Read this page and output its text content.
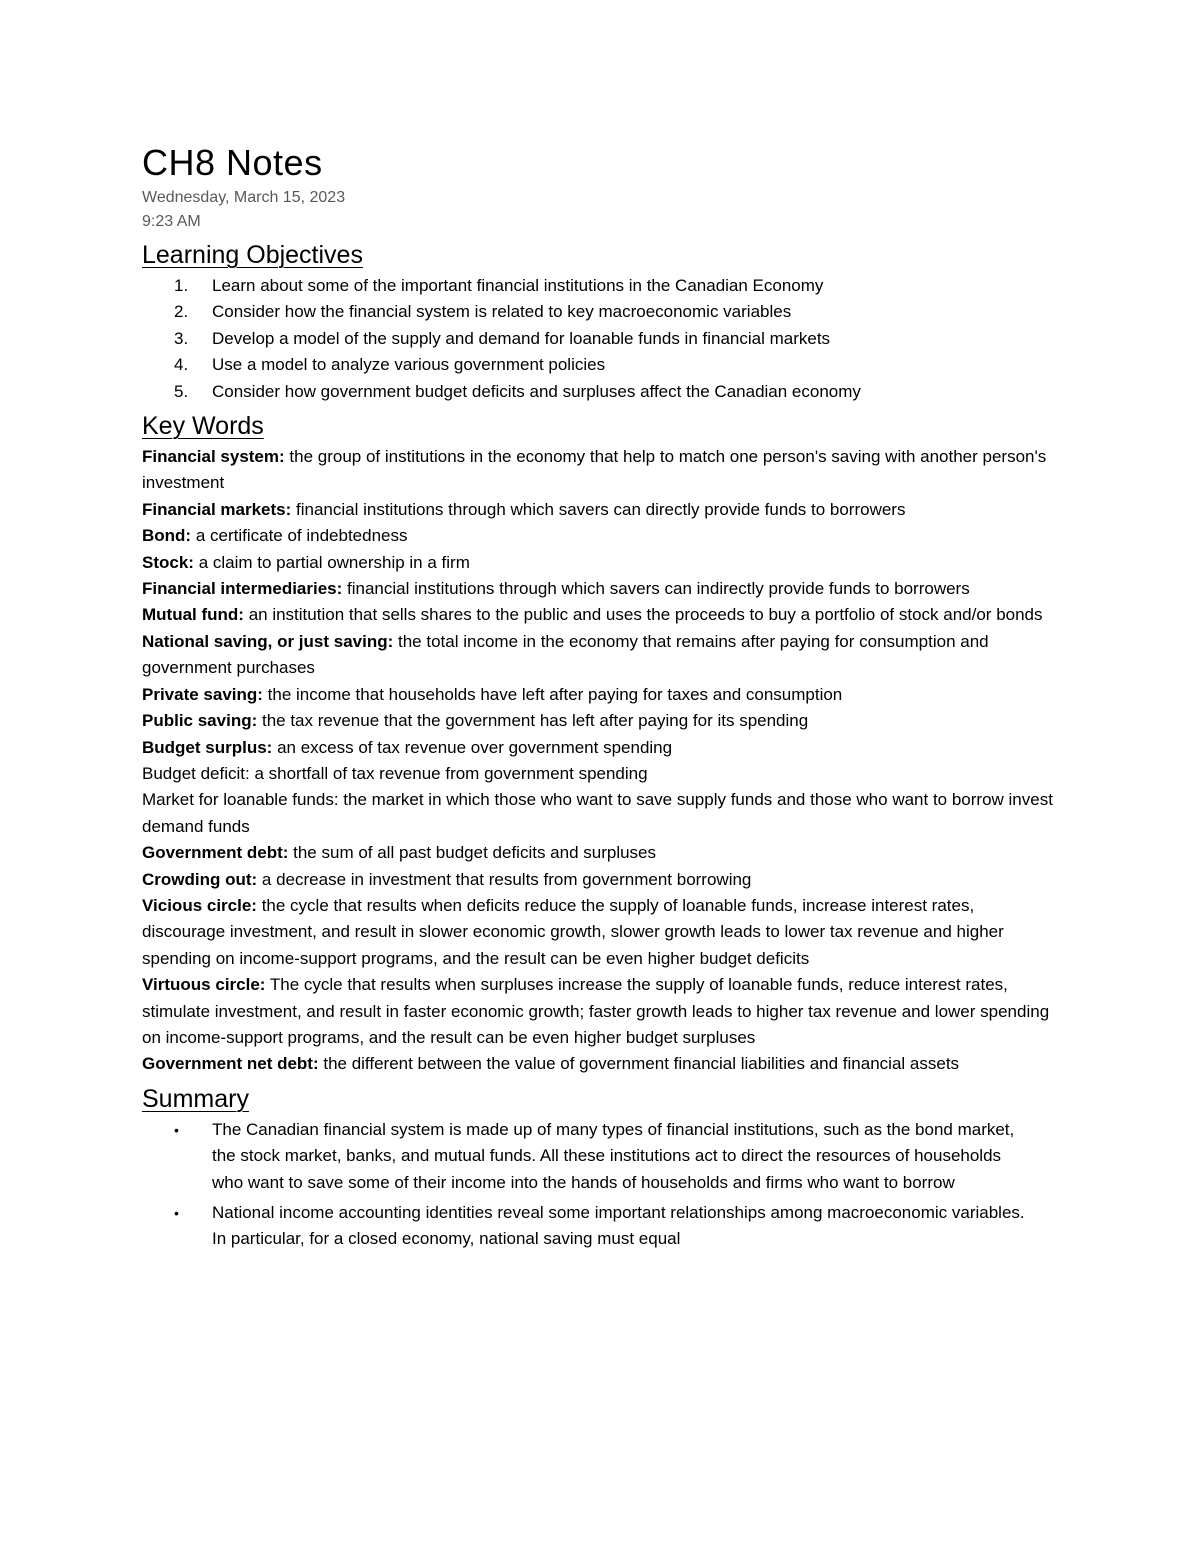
CH8 Notes
Wednesday, March 15, 2023
9:23 AM
Learning Objectives
1. Learn about some of the important financial institutions in the Canadian Economy
2. Consider how the financial system is related to key macroeconomic variables
3. Develop a model of the supply and demand for loanable funds in financial markets
4. Use a model to analyze various government policies
5. Consider how government budget deficits and surpluses affect the Canadian economy
Key Words
Financial system: the group of institutions in the economy that help to match one person's saving with another person's investment
Financial markets: financial institutions through which savers can directly provide funds to borrowers
Bond: a certificate of indebtedness
Stock: a claim to partial ownership in a firm
Financial intermediaries: financial institutions through which savers can indirectly provide funds to borrowers
Mutual fund: an institution that sells shares to the public and uses the proceeds to buy a portfolio of stock and/or bonds
National saving, or just saving: the total income in the economy that remains after paying for consumption and government purchases
Private saving: the income that households have left after paying for taxes and consumption
Public saving: the tax revenue that the government has left after paying for its spending
Budget surplus: an excess of tax revenue over government spending
Budget deficit: a shortfall of tax revenue from government spending
Market for loanable funds: the market in which those who want to save supply funds and those who want to borrow invest demand funds
Government debt: the sum of all past budget deficits and surpluses
Crowding out: a decrease in investment that results from government borrowing
Vicious circle: the cycle that results when deficits reduce the supply of loanable funds, increase interest rates, discourage investment, and result in slower economic growth, slower growth leads to lower tax revenue and higher spending on income-support programs, and the result can be even higher budget deficits
Virtuous circle: The cycle that results when surpluses increase the supply of loanable funds, reduce interest rates, stimulate investment, and result in faster economic growth; faster growth leads to higher tax revenue and lower spending on income-support programs, and the result can be even higher budget surpluses
Government net debt: the different between the value of government financial liabilities and financial assets
Summary
• The Canadian financial system is made up of many types of financial institutions, such as the bond market, the stock market, banks, and mutual funds. All these institutions act to direct the resources of households who want to save some of their income into the hands of households and firms who want to borrow
• National income accounting identities reveal some important relationships among macroeconomic variables. In particular, for a closed economy, national saving must equal
